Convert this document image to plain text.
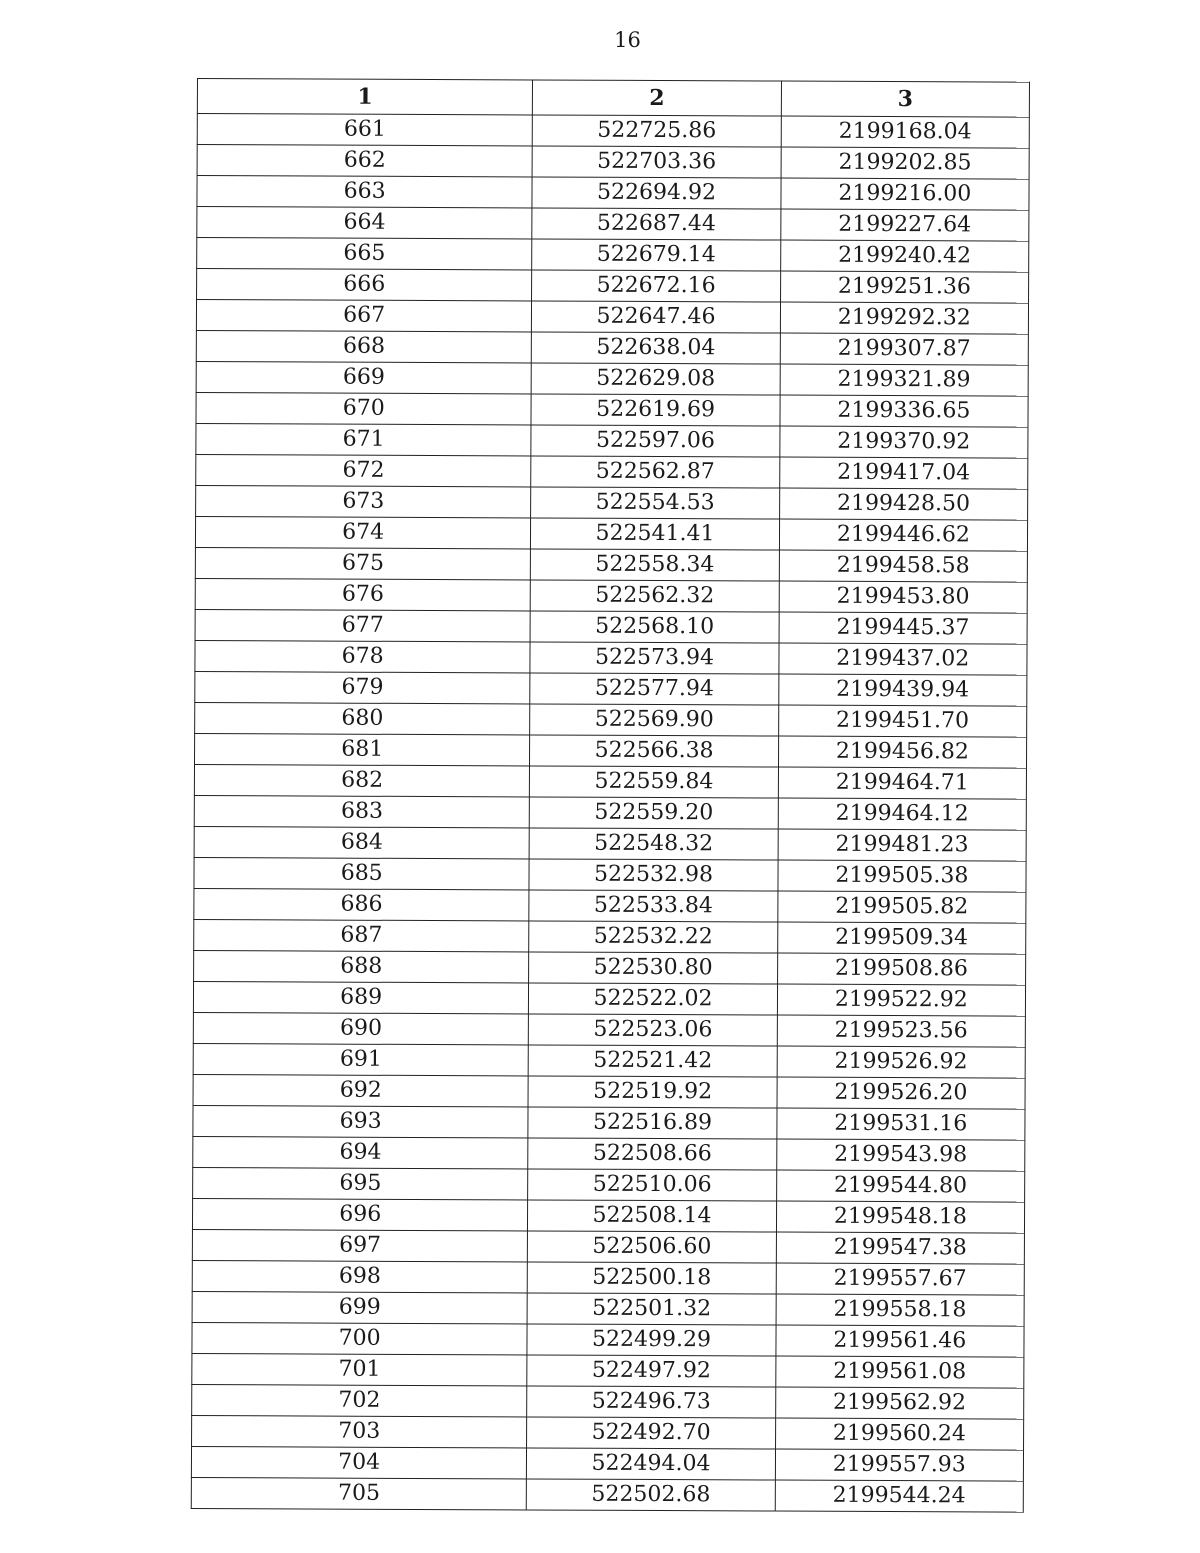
16
1	2	3
661	522725.86	2199168.04
662	522703.36	2199202.85
663	522694.92	2199216.00
664	522687.44	2199227.64
665	522679.14	2199240.42
666	522672.16	2199251.36
667	522647.46	2199292.32
668	522638.04	2199307.87
669	522629.08	2199321.89
670	522619.69	2199336.65
671	522597.06	2199370.92
672	522562.87	2199417.04
673	522554.53	2199428.50
674	522541.41	2199446.62
675	522558.34	2199458.58
676	522562.32	2199453.80
677	522568.10	2199445.37
678	522573.94	2199437.02
679	522577.94	2199439.94
680	522569.90	2199451.70
681	522566.38	2199456.82
682	522559.84	2199464.71
683	522559.20	2199464.12
684	522548.32	2199481.23
685	522532.98	2199505.38
686	522533.84	2199505.82
687	522532.22	2199509.34
688	522530.80	2199508.86
689	522522.02	2199522.92
690	522523.06	2199523.56
691	522521.42	2199526.92
692	522519.92	2199526.20
693	522516.89	2199531.16
694	522508.66	2199543.98
695	522510.06	2199544.80
696	522508.14	2199548.18
697	522506.60	2199547.38
698	522500.18	2199557.67
699	522501.32	2199558.18
700	522499.29	2199561.46
701	522497.92	2199561.08
702	522496.73	2199562.92
703	522492.70	2199560.24
704	522494.04	2199557.93
705	522502.68	2199544.24
